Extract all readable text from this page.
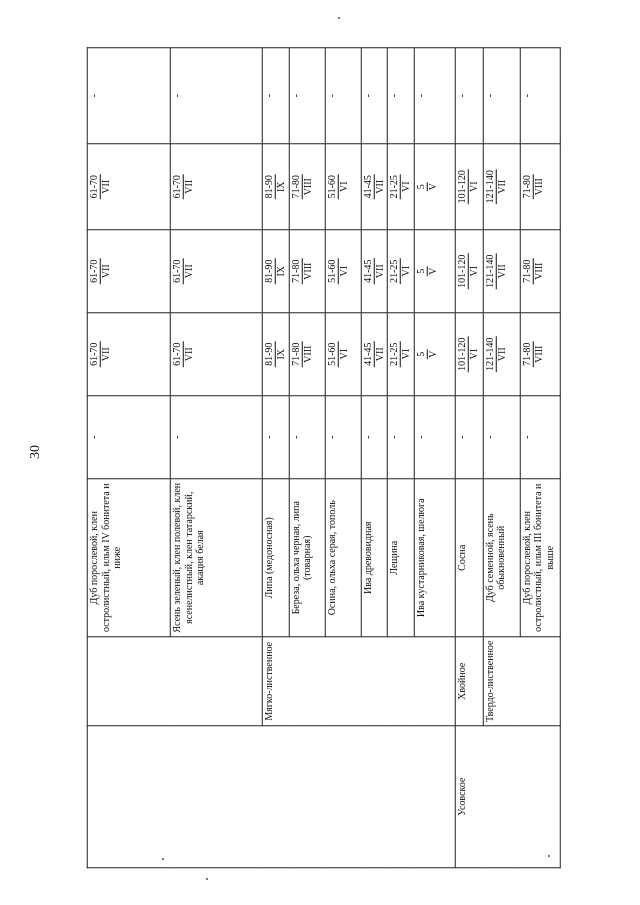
30
		Дуб порослевой, клен остролистный, ильм IV бонитета и ниже	-	61-70 VII	61-70 VII	61-70 VII	-
		Ясень зеленый, клен полевой, клен ясенелистный, клен татарский, акация белая	-	61-70 VII	61-70 VII	61-70 VII	-
	Мягко-лиственное	Липа (медоносная)	-	81-90 IX	81-90 IX	81-90 IX	-
		Береза, ольха черная, липа (товарная)	-	71-80 VIII	71-80 VIII	71-80 VIII	-
		Осина, ольха серая, тополь	-	51-60 VI	51-60 VI	51-60 VI	-
		Ива древовидная	-	41-45 VII	41-45 VII	41-45 VII	-
		Лещина	-	21-25 VI	21-25 VI	21-25 VI	-
		Ива кустарниковая, шелюга	-	5 V	5 V	5 V	-
Усовское	Хвойное	Сосна	-	101-120 VI	101-120 VI	101-120 VI	-
	Твердо-лиственное	Дуб семенной, ясень обыкновенный	-	121-140 VII	121-140 VII	121-140 VII	-
		Дуб порослевой, клен остролистный, ильм III бонитета и выше	-	71-80 VIII	71-80 VIII	71-80 VIII	-
